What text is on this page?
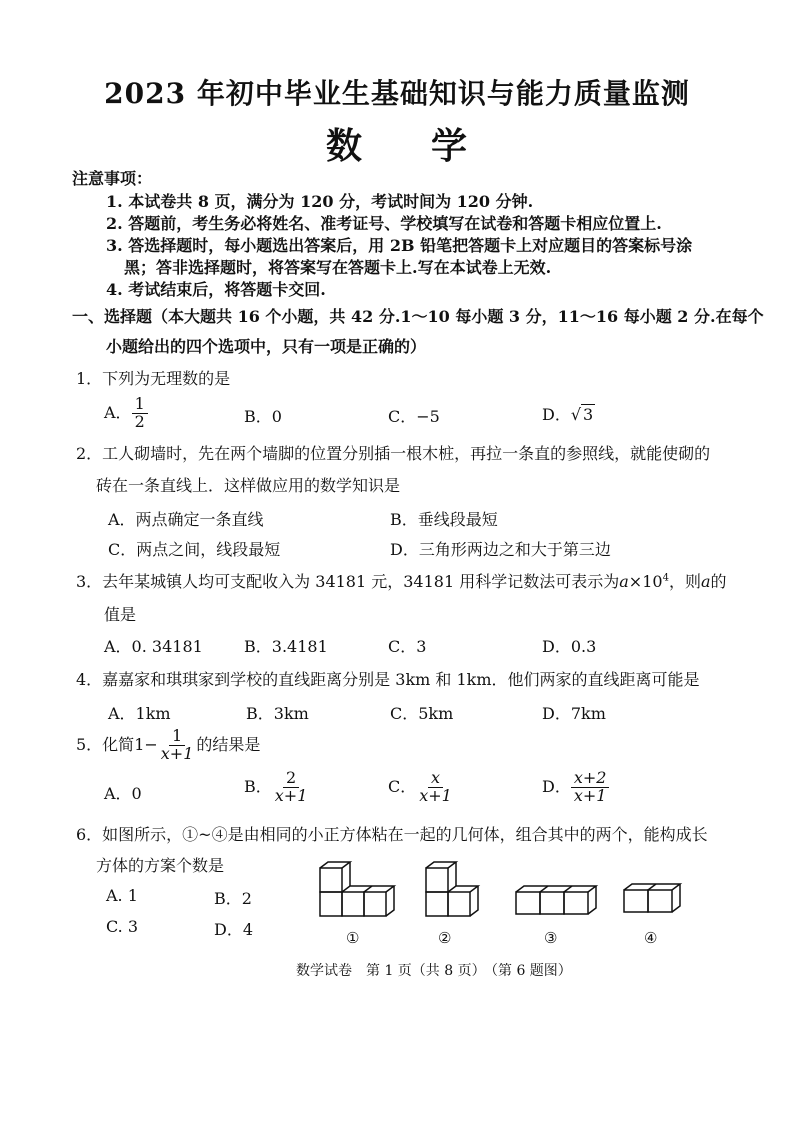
2023 年初中毕业生基础知识与能力质量监测
数 学
注意事项：
1. 本试卷共 8 页，满分为 120 分，考试时间为 120 分钟.
2. 答题前，考生务必将姓名、准考证号、学校填写在试卷和答题卡相应位置上.
3. 答选择题时，每小题选出答案后，用 2B 铅笔把答题卡上对应题目的答案标号涂
黑；答非选择题时，将答案写在答题卡上.写在本试卷上无效.
4. 考试结束后，将答题卡交回.
一、选择题（本大题共 16 个小题，共 42 分.1～10 每小题 3 分，11～16 每小题 2 分.在每个
小题给出的四个选项中，只有一项是正确的）
1．下列为无理数的是
A． $\frac{1}{2}$	B．0	C．−5	D．√ 3
2．工人砌墙时，先在两个墙脚的位置分别插一根木桩，再拉一条直的参照线，就能使砌的
砖在一条直线上．这样做应用的数学知识是
A．两点确定一条直线	B．垂线段最短
C．两点之间，线段最短	D．三角形两边之和大于第三边
3．去年某城镇人均可支配收入为 34181 元，34181 用科学记数法可表示为$a\times 10^4$，则a的
值是
A．0. 34181	B．3.4181	C．3	D．0.3
4．嘉嘉家和琪琪家到学校的直线距离分别是 3km 和 1km．他们两家的直线距离可能是
A．1km	B．3km	C．5km	D．7km
5．化简$1- \frac{1}{x+1}$ 的结果是
A．0	B． $\frac{2}{x+1}$	C． $\frac{x}{x+1}$	D． $\frac{x+2}{x+1}$
6．如图所示，①~④是由相同的小正方体粘在一起的几何体，组合其中的两个，能构成长
方体的方案个数是
A. 1	B．2
C. 3	D．4	①	②	③	④
数学试卷　第 1 页（共 8 页）
（第 6 题图）
